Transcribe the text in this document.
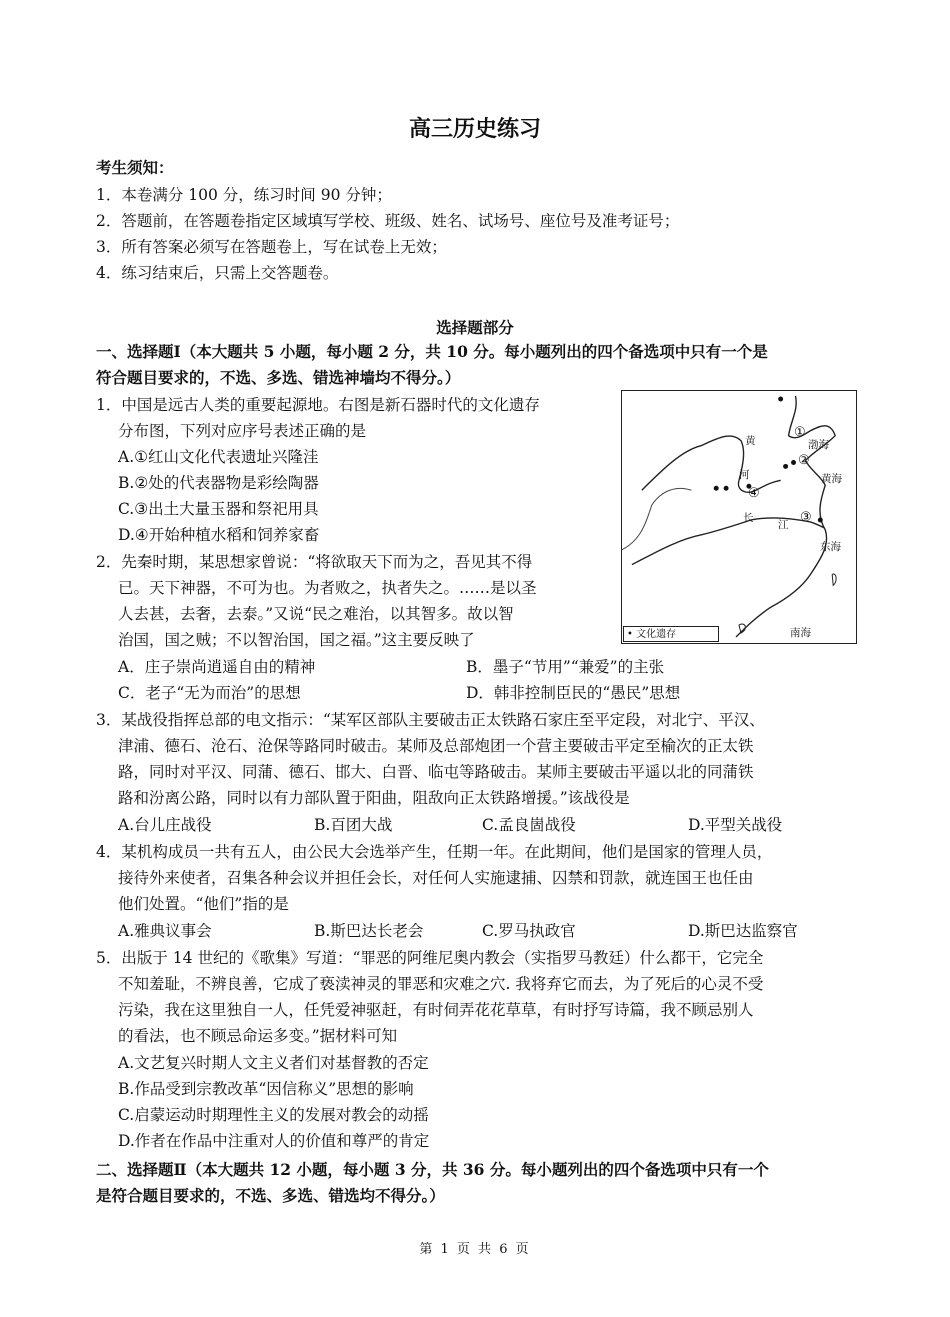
高三历史练习
考生须知：
1．本卷满分 100 分，练习时间 90 分钟；
2．答题前，在答题卷指定区域填写学校、班级、姓名、试场号、座位号及准考证号；
3．所有答案必须写在答题卷上，写在试卷上无效；
4．练习结束后，只需上交答题卷。
选择题部分
一、选择题Ⅰ（本大题共 5 小题，每小题 2 分，共 10 分。每小题列出的四个备选项中只有一个是
符合题目要求的，不选、多选、错选神墙均不得分。）
1．中国是远古人类的重要起源地。右图是新石器时代的文化遗存
分布图，下列对应序号表述正确的是
A.①红山文化代表遗址兴隆洼
B.②处的代表器物是彩绘陶器
C.③出土大量玉器和祭祀用具
D.④开始种植水稻和饲养家畜
①
②
③
④
黄	渤海
河	黄海
长
江
东海
南海
• 文化遗存
2．先秦时期，某思想家曾说：“将欲取天下而为之，吾见其不得
已。天下神器，不可为也。为者败之，执者失之。……是以圣
人去甚，去奢，去泰。”又说“民之难治，以其智多。故以智
治国，国之贼；不以智治国，国之福。”这主要反映了
A．庄子崇尚逍遥自由的精神	B．墨子“节用”“兼爱”的主张
C．老子“无为而治”的思想	D．韩非控制臣民的“愚民”思想
3．某战役指挥总部的电文指示：“某军区部队主要破击正太铁路石家庄至平定段，对北宁、平汉、
津浦、德石、沧石、沧保等路同时破击。某师及总部炮团一个营主要破击平定至榆次的正太铁
路，同时对平汉、同蒲、德石、邯大、白晋、临屯等路破击。某师主要破击平遥以北的同蒲铁
路和汾离公路，同时以有力部队置于阳曲，阻敌向正太铁路增援。”该战役是
A.台儿庄战役	B.百团大战	C.孟良崮战役	D.平型关战役
4．某机构成员一共有五人，由公民大会选举产生，任期一年。在此期间，他们是国家的管理人员，
接待外来使者，召集各种会议并担任会长，对任何人实施逮捕、囚禁和罚款，就连国王也任由
他们处置。“他们”指的是
A.雅典议事会	B.斯巴达长老会	C.罗马执政官	D.斯巴达监察官
5．出版于 14 世纪的《歌集》写道：“罪恶的阿维尼奥内教会（实指罗马教廷）什么都干，它完全
不知羞耻，不辨良善，它成了亵渎神灵的罪恶和灾难之穴. 我将弃它而去，为了死后的心灵不受
污染，我在这里独自一人，任凭爱神驱赶，有时伺弄花花草草，有时抒写诗篇，我不顾忌别人
的看法，也不顾忌命运多变。”据材料可知
A.文艺复兴时期人文主义者们对基督教的否定
B.作品受到宗教改革“因信称义”思想的影响
C.启蒙运动时期理性主义的发展对教会的动摇
D.作者在作品中注重对人的价值和尊严的肯定
二、选择题Ⅱ（本大题共 12 小题，每小题 3 分，共 36 分。每小题列出的四个备选项中只有一个
是符合题目要求的，不选、多选、错选均不得分。）
第 1 页 共 6 页
